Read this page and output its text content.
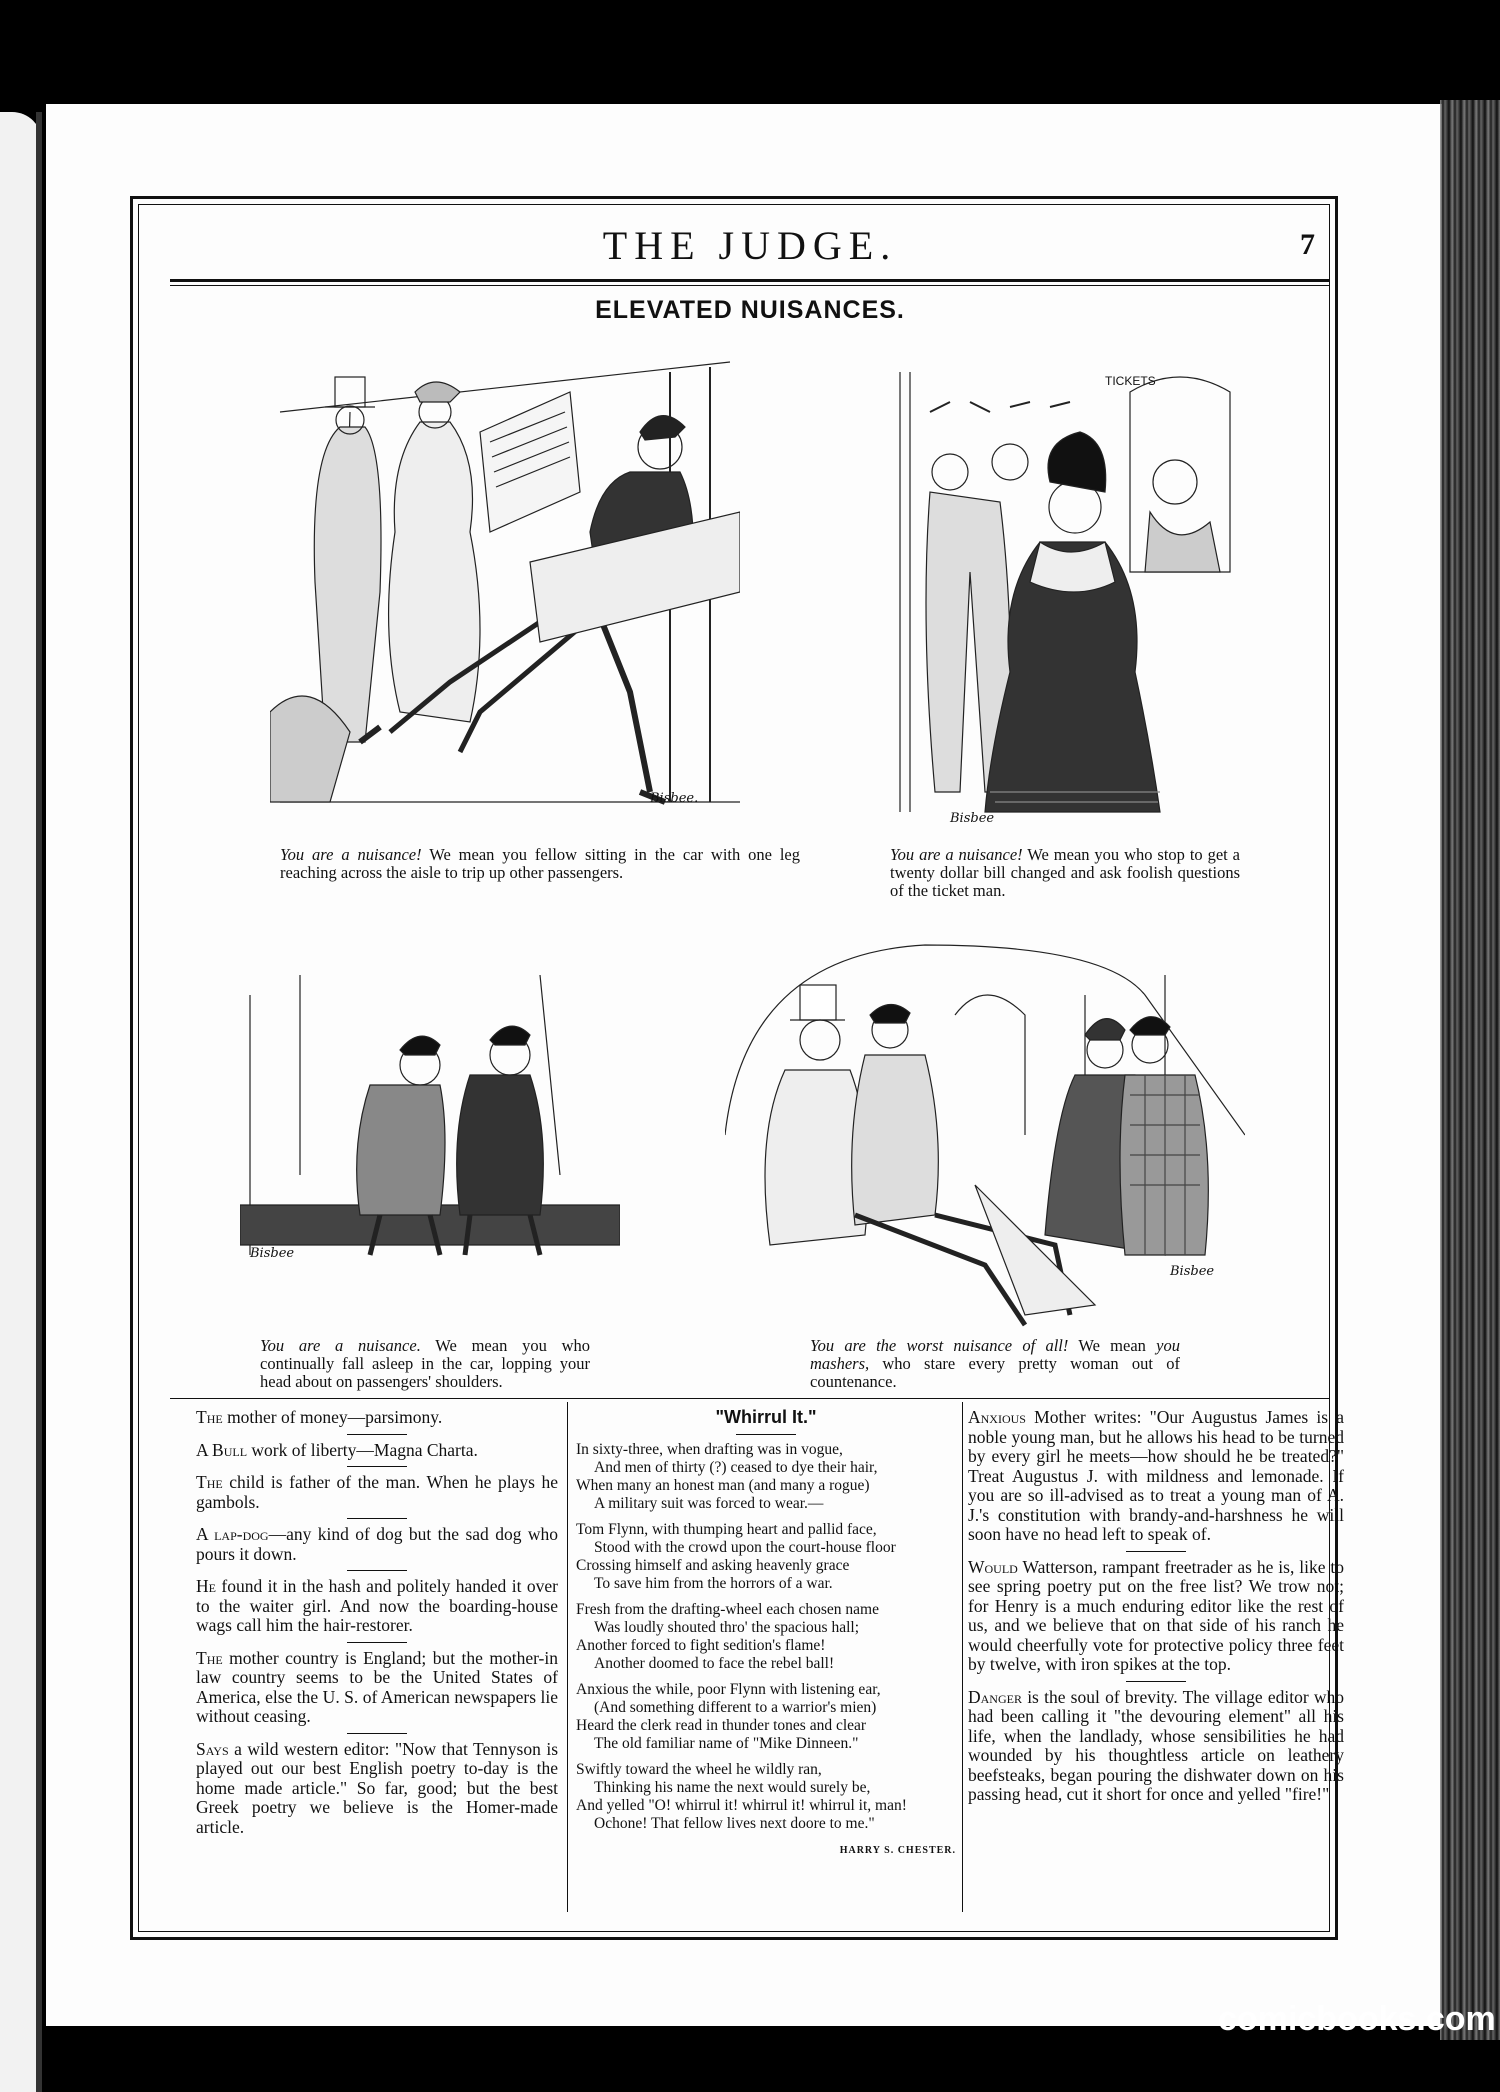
THE JUDGE.	7
ELEVATED NUISANCES.
Bisbee.
You are a nuisance! We mean you fellow sitting in the car with one leg reaching across the aisle to trip up other passengers.
TICKETS
Bisbee
You are a nuisance! We mean you who stop to get a twenty dollar bill changed and ask foolish questions of the ticket man.
Bisbee
You are a nuisance. We mean you who continually fall asleep in the car, lopping your head about on passengers' shoulders.
Bisbee
You are the worst nuisance of all! We mean you mashers, who stare every pretty woman out of countenance.

The mother of money—parsimony.

A Bull work of liberty—Magna Charta.

The child is father of the man. When he plays he gambols.

A lap-dog—any kind of dog but the sad dog who pours it down.

He found it in the hash and politely handed it over to the waiter girl. And now the boarding-house wags call him the hair-restorer.

The mother country is England; but the mother-in law country seems to be the United States of America, else the U. S. of American newspapers lie without ceasing.

Says a wild western editor: "Now that Tennyson is played out our best English poetry to-day is the home made article." So far, good; but the best Greek poetry we believe is the Homer-made article.

"Whirrul It."
In sixty-three, when drafting was in vogue,
And men of thirty (?) ceased to dye their hair,
When many an honest man (and many a rogue)
A military suit was forced to wear.—
Tom Flynn, with thumping heart and pallid face,
Stood with the crowd upon the court-house floor
Crossing himself and asking heavenly grace
To save him from the horrors of a war.
Fresh from the drafting-wheel each chosen name
Was loudly shouted thro' the spacious hall;
Another forced to fight sedition's flame!
Another doomed to face the rebel ball!
Anxious the while, poor Flynn with listening ear,
(And something different to a warrior's mien)
Heard the clerk read in thunder tones and clear
The old familiar name of "Mike Dinneen."
Swiftly toward the wheel he wildly ran,
Thinking his name the next would surely be,
And yelled "O! whirrul it! whirrul it! whirrul it, man!
Ochone! That fellow lives next doore to me."
HARRY S. CHESTER.

Anxious Mother writes: "Our Augustus James is a noble young man, but he allows his head to be turned by every girl he meets—how should he be treated?" Treat Augustus J. with mildness and lemonade. If you are so ill-advised as to treat a young man of A. J.'s constitution with brandy-and-harshness he will soon have no head left to speak of.

Would Watterson, rampant freetrader as he is, like to see spring poetry put on the free list? We trow not; for Henry is a much enduring editor like the rest of us, and we believe that on that side of his ranch he would cheerfully vote for protective policy three feet by twelve, with iron spikes at the top.

Danger is the soul of brevity. The village editor who had been calling it "the devouring element" all his life, when the landlady, whose sensibilities he had wounded by his thoughtless article on leathery beefsteaks, began pouring the dishwater down on his passing head, cut it short for once and yelled "fire!"

comicbooks.com
